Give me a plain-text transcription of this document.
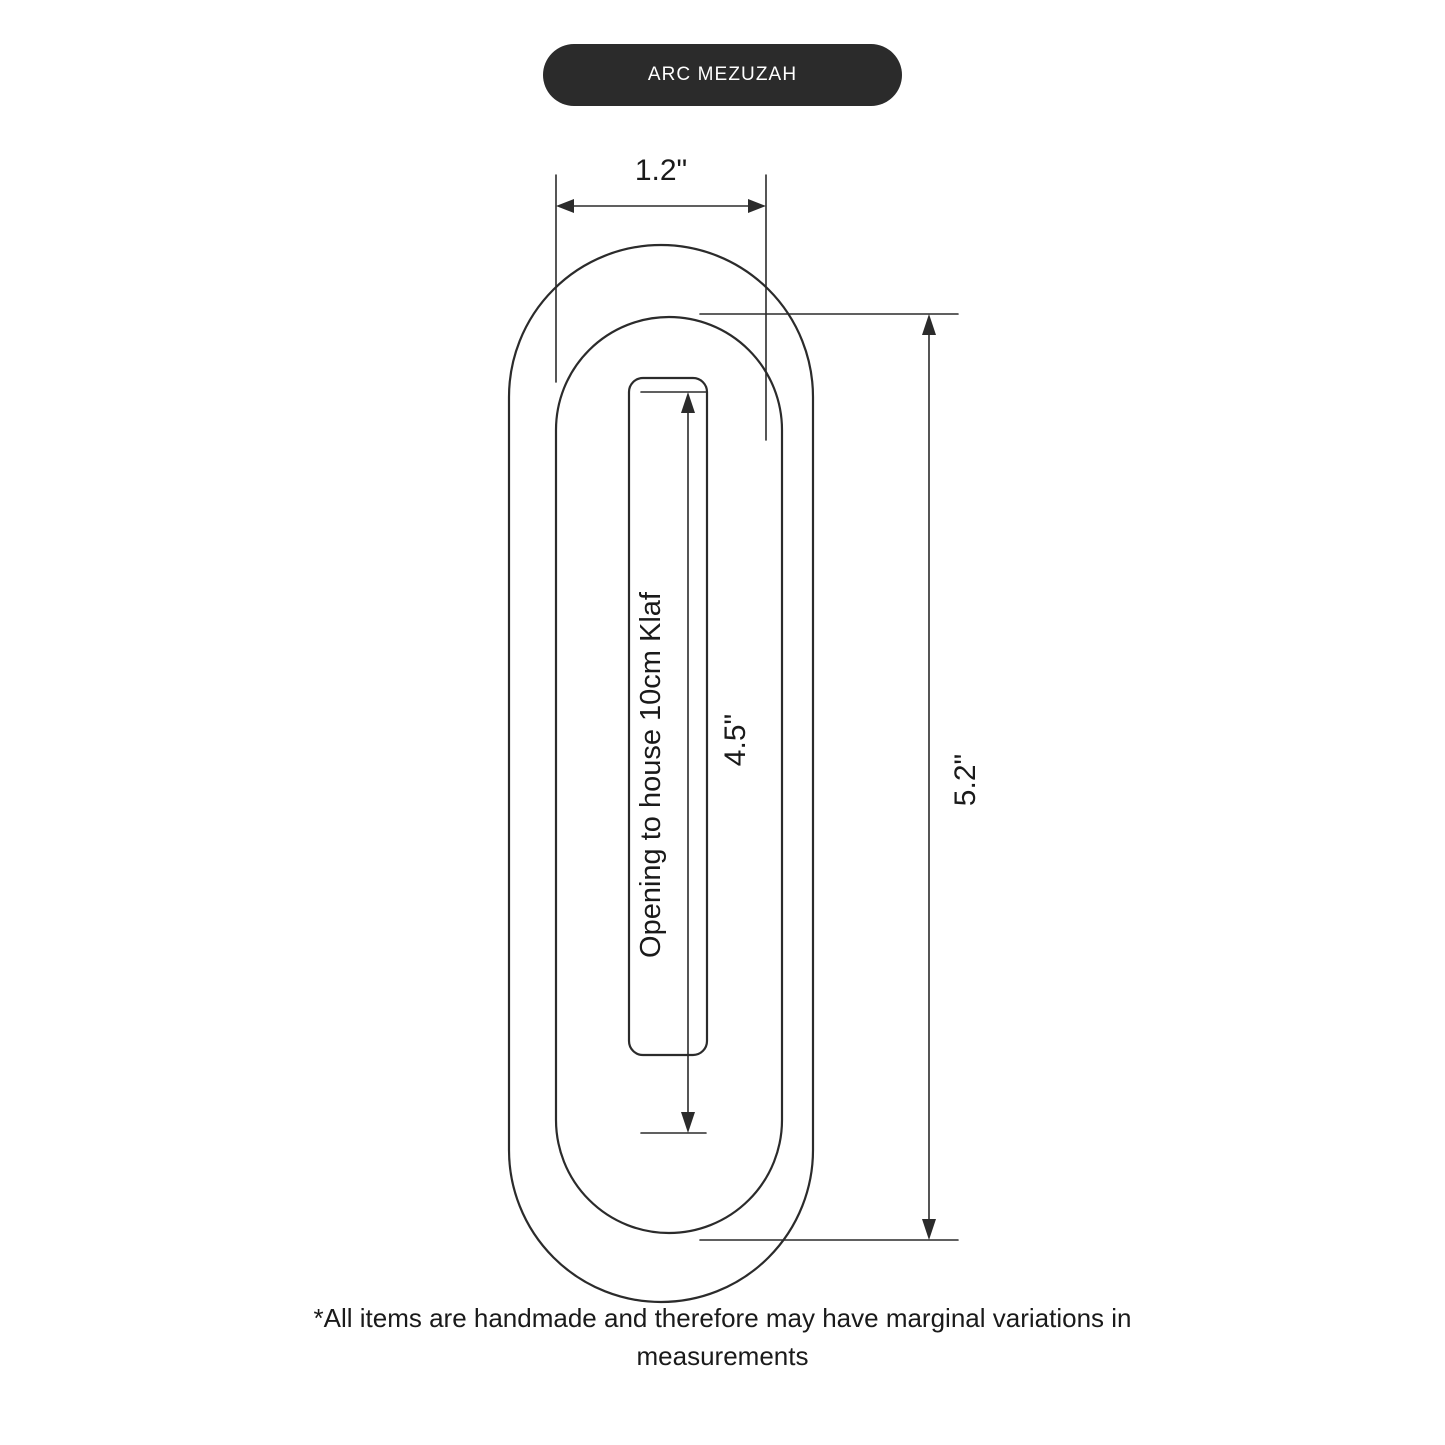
ARC MEZUZAH
1.2"
5.2"
4.5"
Opening to house 10cm Klaf
*All items are handmade and therefore may have marginal variations in
measurements
